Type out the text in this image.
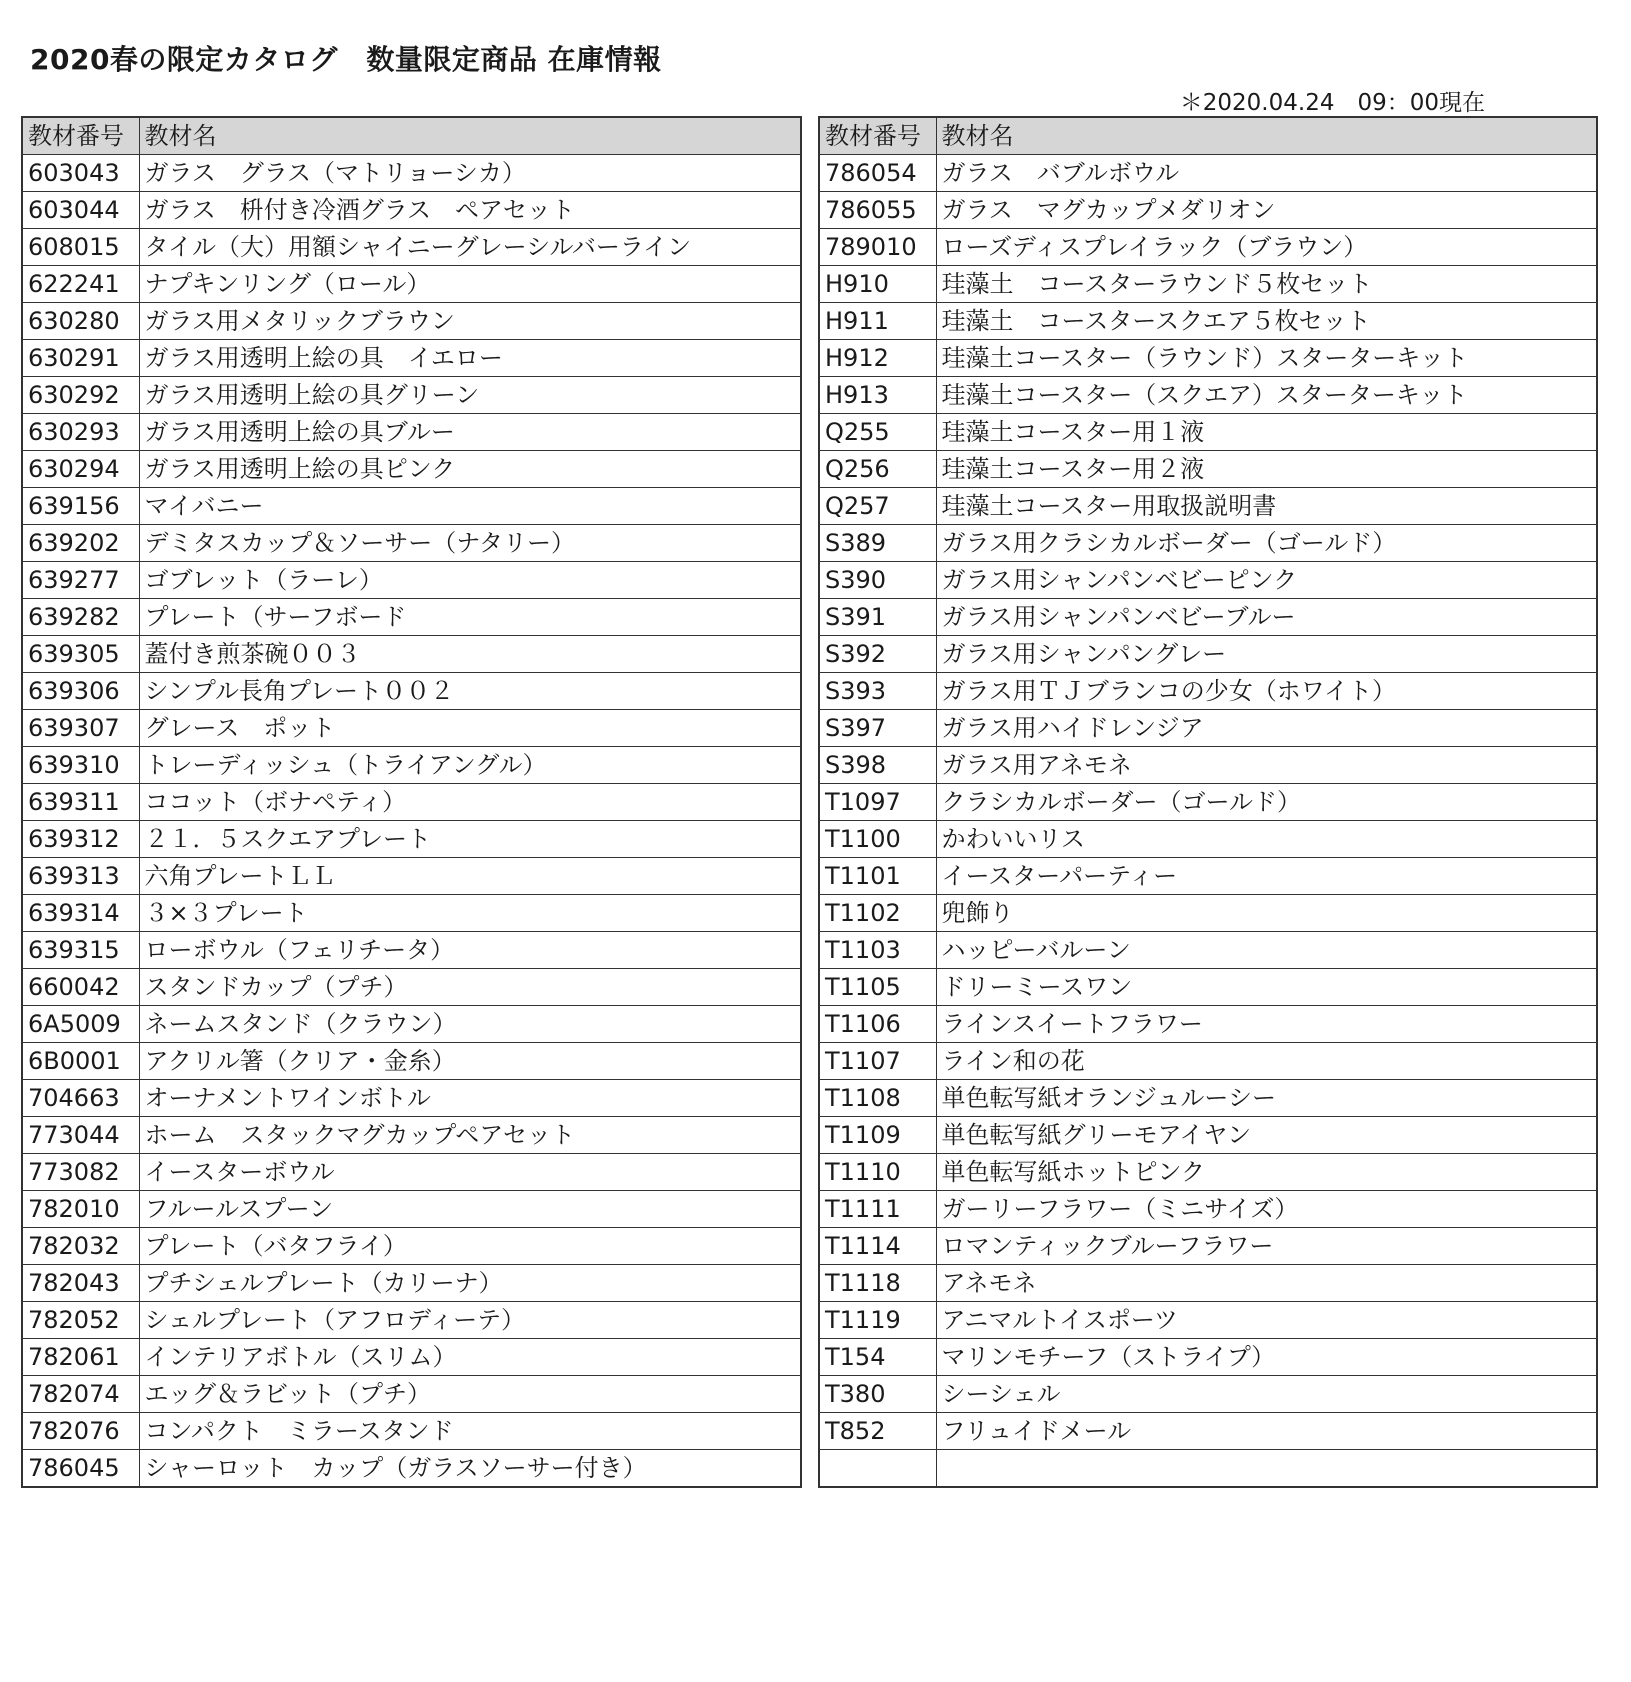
2020春の限定カタログ　数量限定商品 在庫情報
＊2020.04.24　09：00現在
教材番号	教材名
603043	ガラス　グラス（マトリョーシカ）
603044	ガラス　枡付き冷酒グラス　ペアセット
608015	タイル（大）用額シャイニーグレーシルバーライン
622241	ナプキンリング（ロール）
630280	ガラス用メタリックブラウン
630291	ガラス用透明上絵の具　イエロー
630292	ガラス用透明上絵の具グリーン
630293	ガラス用透明上絵の具ブルー
630294	ガラス用透明上絵の具ピンク
639156	マイバニー
639202	デミタスカップ＆ソーサー（ナタリー）
639277	ゴブレット（ラーレ）
639282	プレート（サーフボード
639305	蓋付き煎茶碗００３
639306	シンプル長角プレート００２
639307	グレース　ポット
639310	トレーディッシュ（トライアングル）
639311	ココット（ボナペティ）
639312	２１．５スクエアプレート
639313	六角プレートＬＬ
639314	３×３プレート
639315	ローボウル（フェリチータ）
660042	スタンドカップ（プチ）
6A5009	ネームスタンド（クラウン）
6B0001	アクリル箸（クリア・金糸）
704663	オーナメントワインボトル
773044	ホーム　スタックマグカップペアセット
773082	イースターボウル
782010	フルールスプーン
782032	プレート（バタフライ）
782043	プチシェルプレート（カリーナ）
782052	シェルプレート（アフロディーテ）
782061	インテリアボトル（スリム）
782074	エッグ＆ラビット（プチ）
782076	コンパクト　ミラースタンド
786045	シャーロット　カップ（ガラスソーサー付き）
教材番号	教材名
786054	ガラス　バブルボウル
786055	ガラス　マグカップメダリオン
789010	ローズディスプレイラック（ブラウン）
H910	珪藻土　コースターラウンド５枚セット
H911	珪藻土　コースタースクエア５枚セット
H912	珪藻土コースター（ラウンド）スターターキット
H913	珪藻土コースター（スクエア）スターターキット
Q255	珪藻土コースター用１液
Q256	珪藻土コースター用２液
Q257	珪藻土コースター用取扱説明書
S389	ガラス用クラシカルボーダー（ゴールド）
S390	ガラス用シャンパンベビーピンク
S391	ガラス用シャンパンベビーブルー
S392	ガラス用シャンパングレー
S393	ガラス用ＴＪブランコの少女（ホワイト）
S397	ガラス用ハイドレンジア
S398	ガラス用アネモネ
T1097	クラシカルボーダー（ゴールド）
T1100	かわいいリス
T1101	イースターパーティー
T1102	兜飾り
T1103	ハッピーバルーン
T1105	ドリーミースワン
T1106	ラインスイートフラワー
T1107	ライン和の花
T1108	単色転写紙オランジュルーシー
T1109	単色転写紙グリーモアイヤン
T1110	単色転写紙ホットピンク
T1111	ガーリーフラワー（ミニサイズ）
T1114	ロマンティックブルーフラワー
T1118	アネモネ
T1119	アニマルトイスポーツ
T154	マリンモチーフ（ストライプ）
T380	シーシェル
T852	フリュイドメール
